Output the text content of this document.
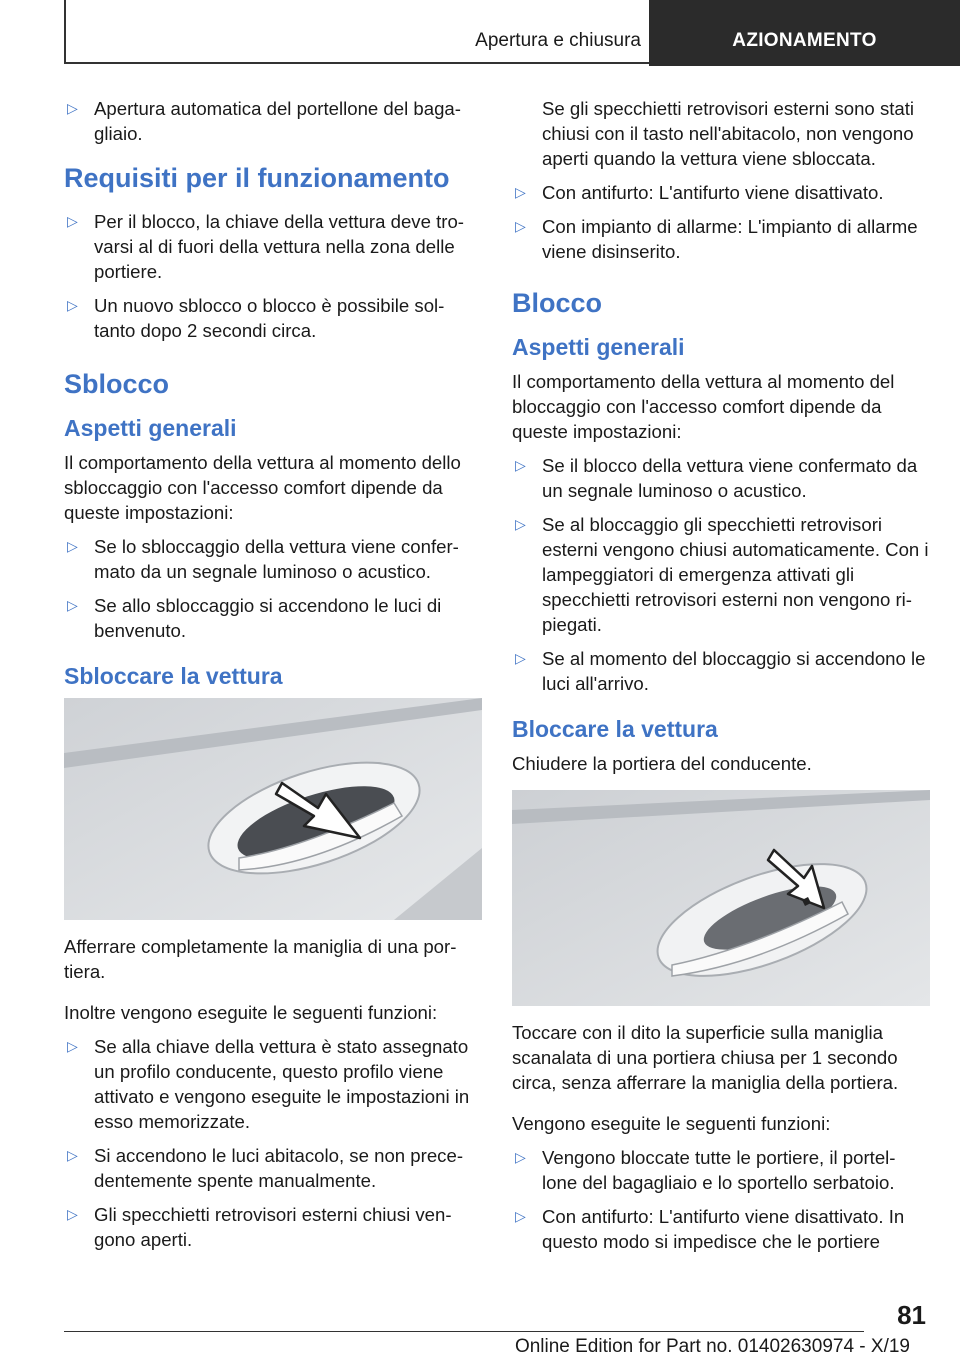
Apertura e chiusura	AZIONAMENTO
▷ Apertura automatica del portellone del baga‐gliaio.
Requisiti per il funzionamento
▷ Per il blocco, la chiave della vettura deve tro‐varsi al di fuori della vettura nella zona delle portiere.
▷ Un nuovo sblocco o blocco è possibile sol‐tanto dopo 2 secondi circa.
Sblocco
Aspetti generali

Il comportamento della vettura al momento dello sbloccaggio con l'accesso comfort dipende da queste impostazioni:

▷ Se lo sbloccaggio della vettura viene confer‐mato da un segnale luminoso o acustico.
▷ Se allo sbloccaggio si accendono le luci di benvenuto.
Sbloccare la vettura

Afferrare completamente la maniglia di una por‐tiera.

Inoltre vengono eseguite le seguenti funzioni:

▷ Se alla chiave della vettura è stato assegnato un profilo conducente, questo profilo viene attivato e vengono eseguite le impostazioni in esso memorizzate.
▷ Si accendono le luci abitacolo, se non prece‐dentemente spente manualmente.
▷ Gli specchietti retrovisori esterni chiusi ven‐gono aperti.

Se gli specchietti retrovisori esterni sono stati chiusi con il tasto nell'abitacolo, non vengono aperti quando la vettura viene sbloccata.

▷ Con antifurto: L'antifurto viene disattivato.
▷ Con impianto di allarme: L'impianto di allarme viene disinserito.
Blocco
Aspetti generali

Il comportamento della vettura al momento del bloccaggio con l'accesso comfort dipende da queste impostazioni:

▷ Se il blocco della vettura viene confermato da un segnale luminoso o acustico.
▷ Se al bloccaggio gli specchietti retrovisori esterni vengono chiusi automaticamente. Con i lampeggiatori di emergenza attivati gli specchietti retrovisori esterni non vengono ri‐piegati.
▷ Se al momento del bloccaggio si accendono le luci all'arrivo.
Bloccare la vettura

Chiudere la portiera del conducente.

Toccare con il dito la superficie sulla maniglia scanalata di una portiera chiusa per 1 secondo circa, senza afferrare la maniglia della portiera.

Vengono eseguite le seguenti funzioni:

▷ Vengono bloccate tutte le portiere, il portel‐lone del bagagliaio e lo sportello serbatoio.
▷ Con antifurto: L'antifurto viene disattivato. In questo modo si impedisce che le portiere
81
Online Edition for Part no. 01402630974 - X/19
